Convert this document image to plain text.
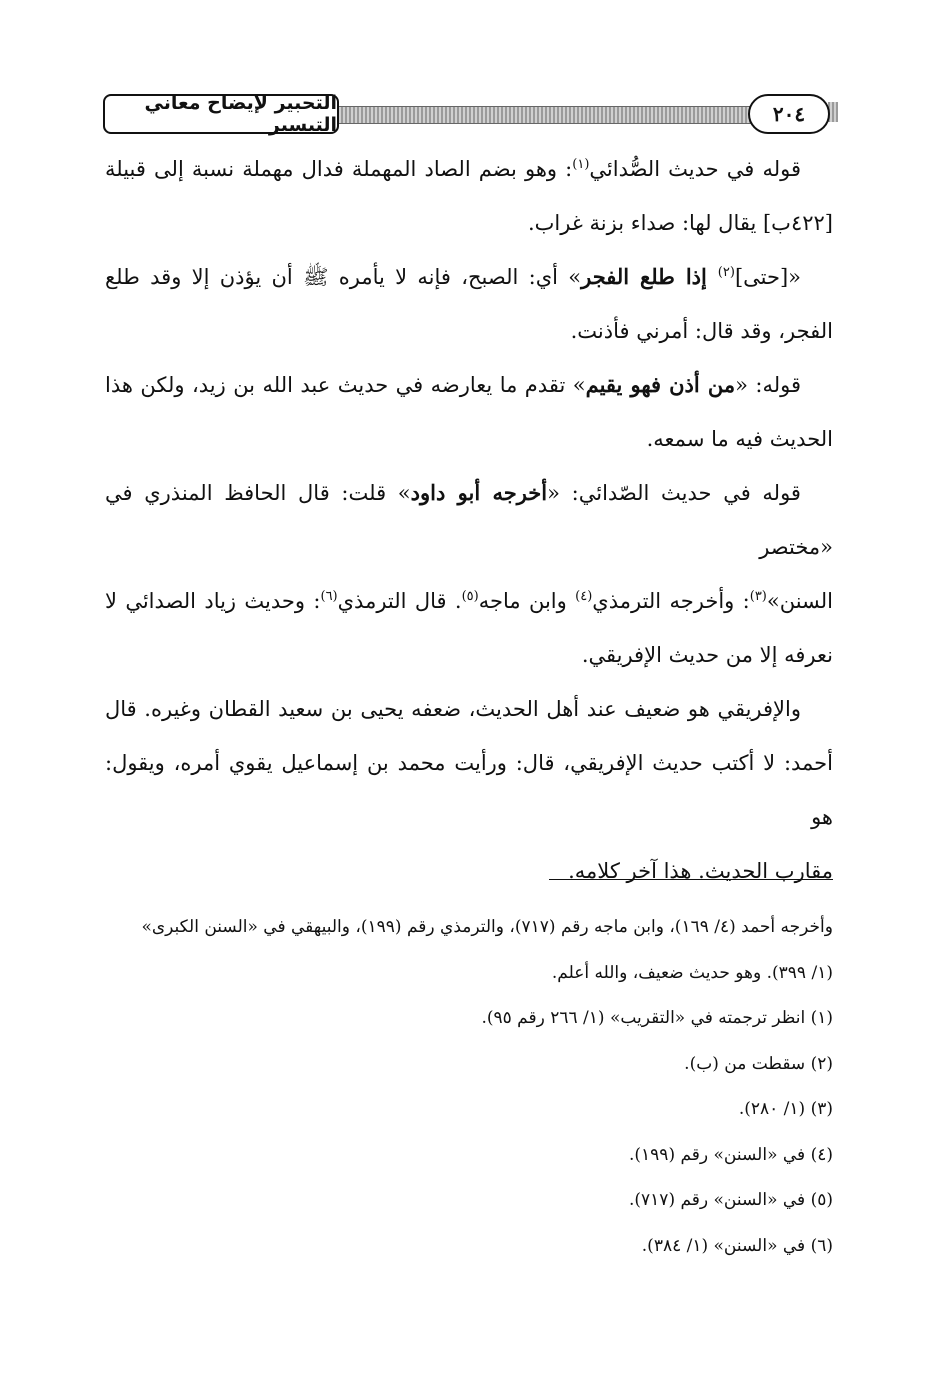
التحبير لإيضاح معاني التيسير	٢٠٤
قوله في حديث الصُّدائي$^{(١)}$: وهو بضم الصاد المهملة فدال مهملة نسبة إلى قبيلة
[٤٢٢ب] يقال لها: صداء بزنة غراب.
«[حتى]$^{(٢)}$ إذا طلع الفجر» أي: الصبح، فإنه لا يأمره ﷺ أن يؤذن إلا وقد طلع
الفجر، وقد قال: أمرني فأذنت.
قوله: «من أذن فهو يقيم» تقدم ما يعارضه في حديث عبد الله بن زيد، ولكن هذا
الحديث فيه ما سمعه.
قوله في حديث الصّدائي: «أخرجه أبو داود» قلت: قال الحافظ المنذري في «مختصر
السنن»$^{(٣)}$: وأخرجه الترمذي$^{(٤)}$ وابن ماجه$^{(٥)}$. قال الترمذي$^{(٦)}$: وحديث زياد الصدائي لا
نعرفه إلا من حديث الإفريقي.
والإفريقي هو ضعيف عند أهل الحديث، ضعفه يحيى بن سعيد القطان وغيره. قال
أحمد: لا أكتب حديث الإفريقي، قال: ورأيت محمد بن إسماعيل يقوي أمره، ويقول: هو
مقارب الحديث. هذا آخر كلامه.
وأخرجه أحمد (٤/ ١٦٩)، وابن ماجه رقم (٧١٧)، والترمذي رقم (١٩٩)، والبيهقي في «السنن الكبرى»
(١/ ٣٩٩). وهو حديث ضعيف، والله أعلم.
(١) انظر ترجمته في «التقريب» (١/ ٢٦٦ رقم ٩٥).
(٢) سقطت من (ب).
(٣) (١/ ٢٨٠).
(٤) في «السنن» رقم (١٩٩).
(٥) في «السنن» رقم (٧١٧).
(٦) في «السنن» (١/ ٣٨٤).
